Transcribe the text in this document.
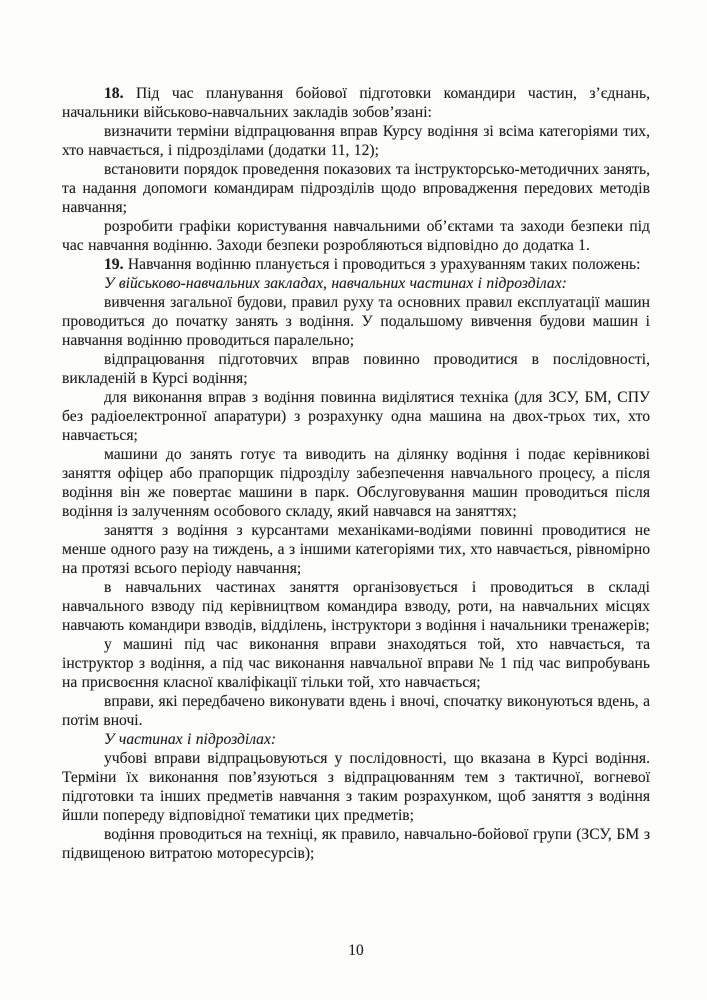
18. Під час планування бойової підготовки командири частин, з’єднань, начальники військово-навчальних закладів зобов’язані:

визначити терміни відпрацювання вправ Курсу водіння зі всіма категоріями тих, хто навчається, і підрозділами (додатки 11, 12);

встановити порядок проведення показових та інструкторсько-методичних занять, та надання допомоги командирам підрозділів щодо впровадження передових методів навчання;

розробити графіки користування навчальними об’єктами та заходи безпеки під час навчання водінню. Заходи безпеки розробляються відповідно до додатка 1.

19. Навчання водінню планується і проводиться з урахуванням таких положень:

У військово-навчальних закладах, навчальних частинах і підрозділах:

вивчення загальної будови, правил руху та основних правил експлуатації машин проводиться до початку занять з водіння. У подальшому вивчення будови машин і навчання водінню проводиться паралельно;

відпрацювання підготовчих вправ повинно проводитися в послідовності, викладеній в Курсі водіння;

для виконання вправ з водіння повинна виділятися техніка (для ЗСУ, БМ, СПУ без радіоелектронної апаратури) з розрахунку одна машина на двох-трьох тих, хто навчається;

машини до занять готує та виводить на ділянку водіння і подає керівникові заняття офіцер або прапорщик підрозділу забезпечення навчального процесу, а після водіння він же повертає машини в парк. Обслуговування машин проводиться після водіння із залученням особового складу, який навчався на заняттях;

заняття з водіння з курсантами механіками-водіями повинні проводитися не менше одного разу на тиждень, а з іншими категоріями тих, хто навчається, рівномірно на протязі всього періоду навчання;

в навчальних частинах заняття організовується і проводиться в складі навчального взводу під керівництвом командира взводу, роти, на навчальних місцях навчають командири взводів, відділень, інструктори з водіння і начальники тренажерів;

у машині під час виконання вправи знаходяться той, хто навчається, та інструктор з водіння, а під час виконання навчальної вправи № 1 під час випробувань на присвоєння класної кваліфікації тільки той, хто навчається;

вправи, які передбачено виконувати вдень і вночі, спочатку виконуються вдень, а потім вночі.

У частинах і підрозділах:

учбові вправи відпрацьовуються у послідовності, що вказана в Курсі водіння. Терміни їх виконання пов’язуються з відпрацюванням тем з тактичної, вогневої підготовки та інших предметів навчання з таким розрахунком, щоб заняття з водіння йшли попереду відповідної тематики цих предметів;

водіння проводиться на техніці, як правило, навчально-бойової групи (ЗСУ, БМ з підвищеною витратою моторесурсів);

10
